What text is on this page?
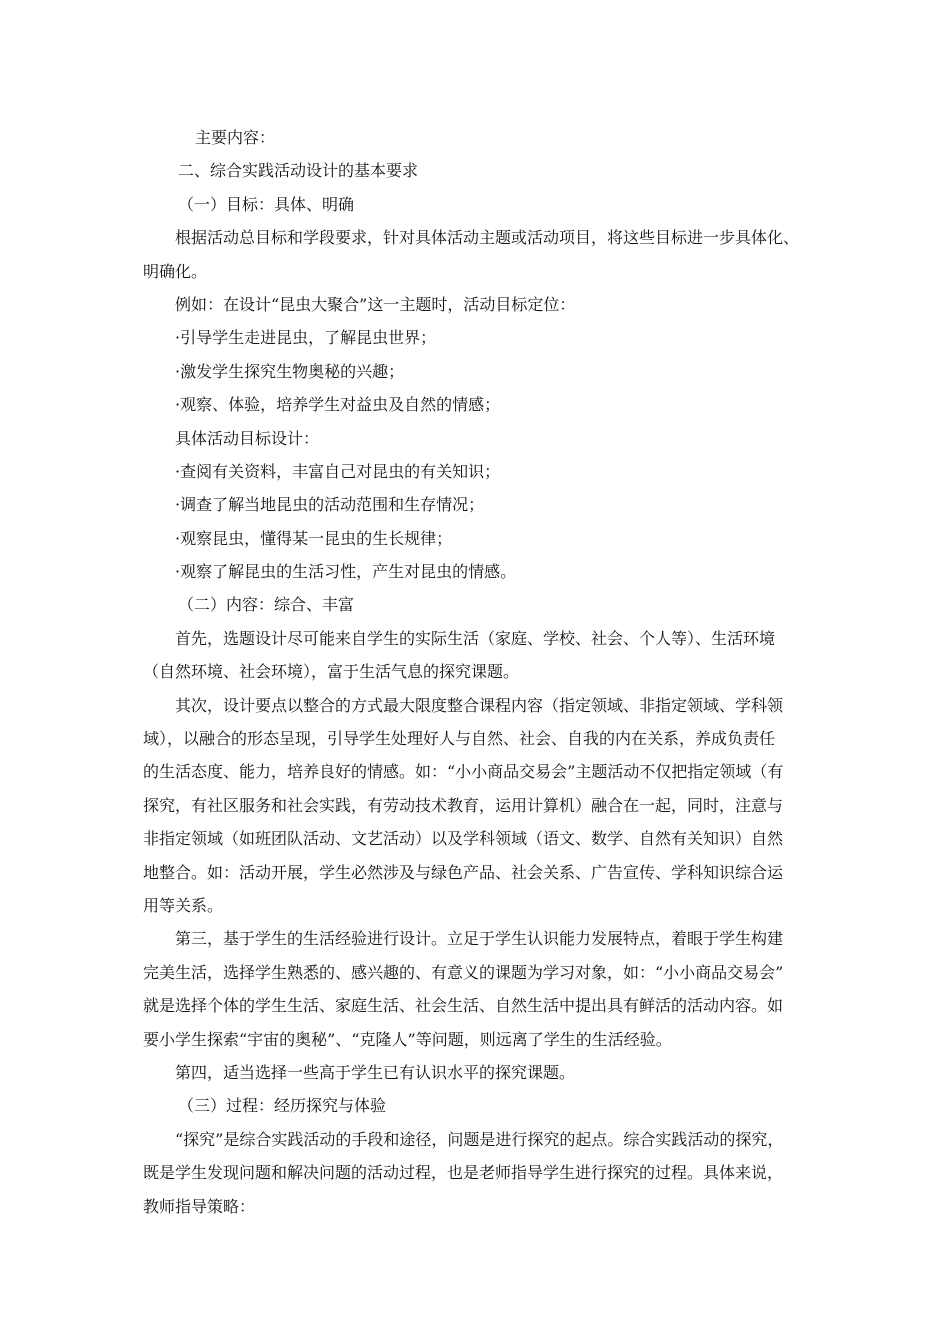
主要内容：
二、综合实践活动设计的基本要求
（一）目标：具体、明确
根据活动总目标和学段要求，针对具体活动主题或活动项目，将这些目标进一步具体化、
明确化。
例如：在设计“昆虫大聚合”这一主题时，活动目标定位：
·引导学生走进昆虫，了解昆虫世界；
·激发学生探究生物奥秘的兴趣；
·观察、体验，培养学生对益虫及自然的情感；
具体活动目标设计：
·查阅有关资料，丰富自己对昆虫的有关知识；
·调查了解当地昆虫的活动范围和生存情况；
·观察昆虫，懂得某一昆虫的生长规律；
·观察了解昆虫的生活习性，产生对昆虫的情感。
（二）内容：综合、丰富
首先，选题设计尽可能来自学生的实际生活（家庭、学校、社会、个人等）、生活环境
（自然环境、社会环境），富于生活气息的探究课题。
其次，设计要点以整合的方式最大限度整合课程内容（指定领域、非指定领域、学科领
域），以融合的形态呈现，引导学生处理好人与自然、社会、自我的内在关系，养成负责任
的生活态度、能力，培养良好的情感。如：“小小商品交易会”主题活动不仅把指定领域（有
探究，有社区服务和社会实践，有劳动技术教育，运用计算机）融合在一起，同时，注意与
非指定领域（如班团队活动、文艺活动）以及学科领域（语文、数学、自然有关知识）自然
地整合。如：活动开展，学生必然涉及与绿色产品、社会关系、广告宣传、学科知识综合运
用等关系。
第三，基于学生的生活经验进行设计。立足于学生认识能力发展特点，着眼于学生构建
完美生活，选择学生熟悉的、感兴趣的、有意义的课题为学习对象，如：“小小商品交易会”
就是选择个体的学生生活、家庭生活、社会生活、自然生活中提出具有鲜活的活动内容。如
要小学生探索“宇宙的奥秘”、“克隆人”等问题，则远离了学生的生活经验。
第四，适当选择一些高于学生已有认识水平的探究课题。
（三）过程：经历探究与体验
“探究”是综合实践活动的手段和途径，问题是进行探究的起点。综合实践活动的探究，
既是学生发现问题和解决问题的活动过程，也是老师指导学生进行探究的过程。具体来说，
教师指导策略：
